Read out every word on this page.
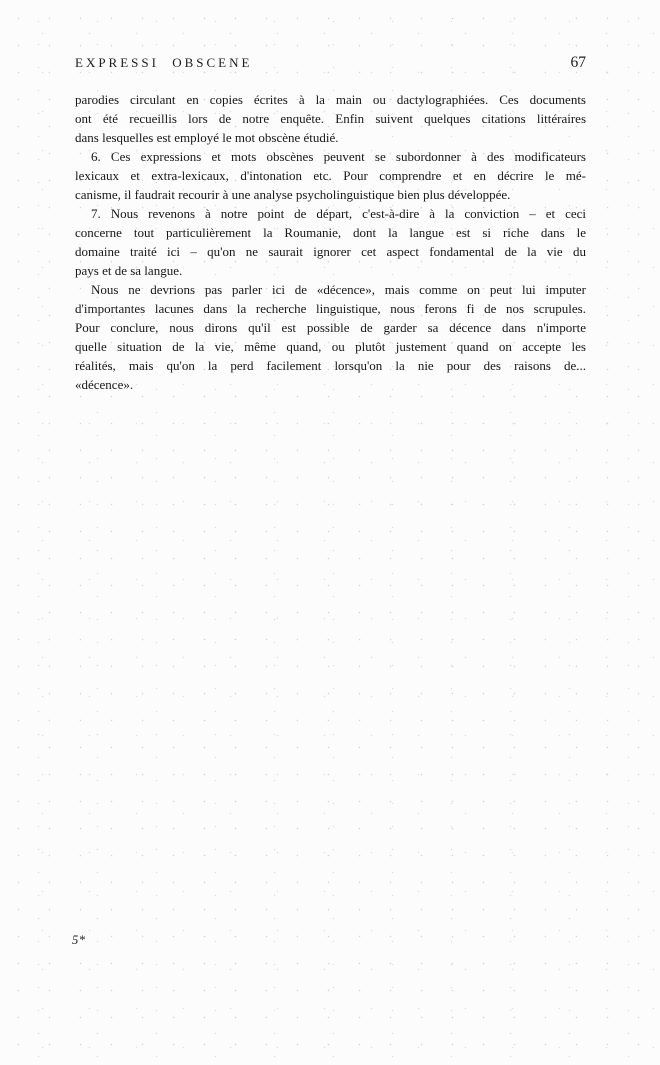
EXPRESSI OBSCENE	67
parodies circulant en copies écrites à la main ou dactylographiées. Ces documents
ont été recueillis lors de notre enquête. Enfin suivent quelques citations littéraires
dans lesquelles est employé le mot obscène étudié.
6. Ces expressions et mots obscènes peuvent se subordonner à des modificateurs
lexicaux et extra-lexicaux, d'intonation etc. Pour comprendre et en décrire le mé-
canisme, il faudrait recourir à une analyse psycholinguistique bien plus développée.
7. Nous revenons à notre point de départ, c'est-à-dire à la conviction – et ceci
concerne tout particulièrement la Roumanie, dont la langue est si riche dans le
domaine traité ici – qu'on ne saurait ignorer cet aspect fondamental de la vie du
pays et de sa langue.
Nous ne devrions pas parler ici de «décence», mais comme on peut lui imputer
d'importantes lacunes dans la recherche linguistique, nous ferons fi de nos scrupules.
Pour conclure, nous dirons qu'il est possible de garder sa décence dans n'importe
quelle situation de la vie, même quand, ou plutôt justement quand on accepte les
réalités, mais qu'on la perd facilement lorsqu'on la nie pour des raisons de...
«décence».
5*
